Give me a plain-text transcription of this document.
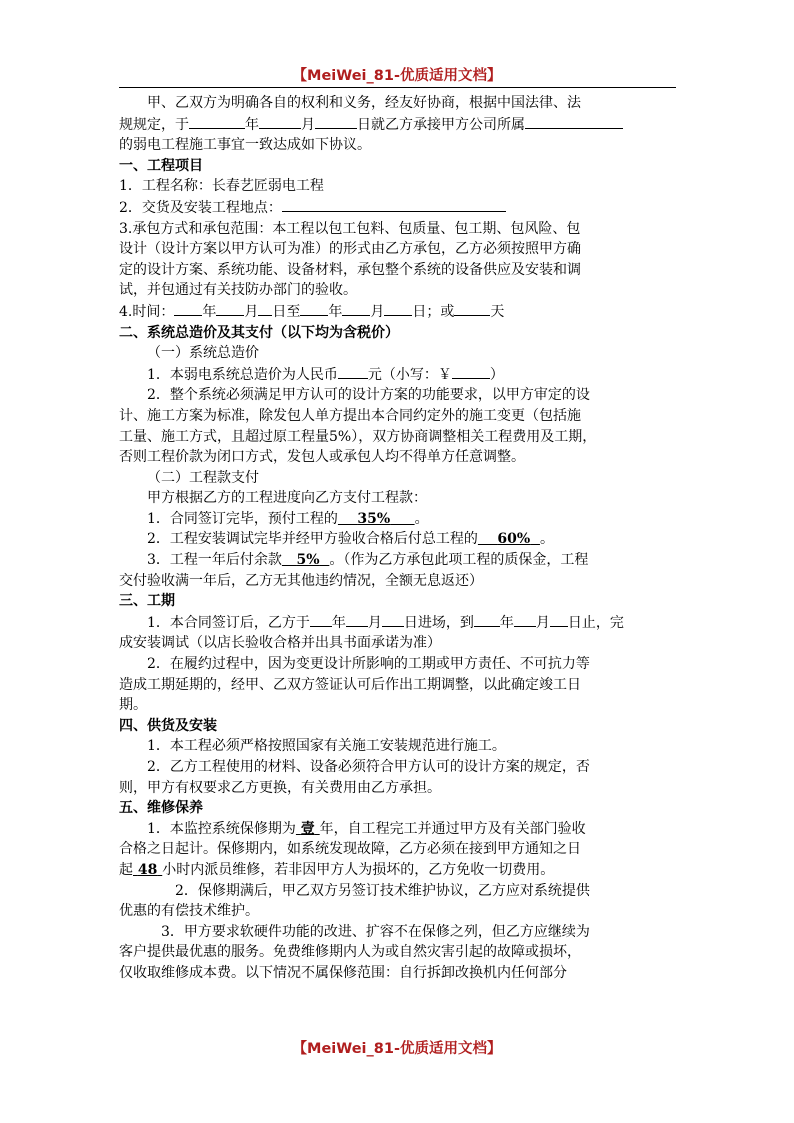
【MeiWei_81-优质适用文档】

甲、乙双方为明确各自的权利和义务，经友好协商，根据中国法律、法

规规定，于	年	月	日就乙方承接甲方公司所属

的弱电工程施工事宜一致达成如下协议。

一、工程项目

1．工程名称：长春艺匠弱电工程

2．交货及安装工程地点：

3.承包方式和承包范围：本工程以包工包料、包质量、包工期、包风险、包

设计（设计方案以甲方认可为准）的形式由乙方承包，乙方必须按照甲方确

定的设计方案、系统功能、设备材料，承包整个系统的设备供应及安装和调

试，并包通过有关技防办部门的验收。

4.时间： 年 月 日至 年 月 日；或	天

二、系统总造价及其支付（以下均为含税价）

（一）系统总造价

1．本弱电系统总造价为人民币 元（小写：￥	）

2．整个系统必须满足甲方认可的设计方案的功能要求，以甲方审定的设

计、施工方案为标准，除发包人单方提出本合同约定外的施工变更（包括施

工量、施工方式，且超过原工程量5%），双方协商调整相关工程费用及工期，

否则工程价款为闭口方式，发包人或承包人均不得单方任意调整。

（二）工程款支付

甲方根据乙方的工程进度向乙方支付工程款：

1．合同签订完毕，预付工程的 35% 。

2．工程安装调试完毕并经甲方验收合格后付总工程的 60% 。

3．工程一年后付余款 5% 。（作为乙方承包此项工程的质保金，工程

交付验收满一年后，乙方无其他违约情况，全额无息返还）

三、工期

1．本合同签订后，乙方于 年 月 日进场，到 年 月 日止，完

成安装调试（以店长验收合格并出具书面承诺为准）

2．在履约过程中，因为变更设计所影响的工期或甲方责任、不可抗力等

造成工期延期的，经甲、乙双方签证认可后作出工期调整，以此确定竣工日

期。

四、供货及安装

1．本工程必须严格按照国家有关施工安装规范进行施工。

2．乙方工程使用的材料、设备必须符合甲方认可的设计方案的规定，否

则，甲方有权要求乙方更换，有关费用由乙方承担。

五、维修保养

1．本监控系统保修期为 壹 年，自工程完工并通过甲方及有关部门验收

合格之日起计。保修期内，如系统发现故障，乙方必须在接到甲方通知之日

起 48 小时内派员维修，若非因甲方人为损坏的，乙方免收一切费用。

2．保修期满后，甲乙双方另签订技术维护协议，乙方应对系统提供

优惠的有偿技术维护。

3．甲方要求软硬件功能的改进、扩容不在保修之列，但乙方应继续为

客户提供最优惠的服务。免费维修期内人为或自然灾害引起的故障或损坏，

仅收取维修成本费。以下情况不属保修范围：自行拆卸改换机内任何部分

【MeiWei_81-优质适用文档】
